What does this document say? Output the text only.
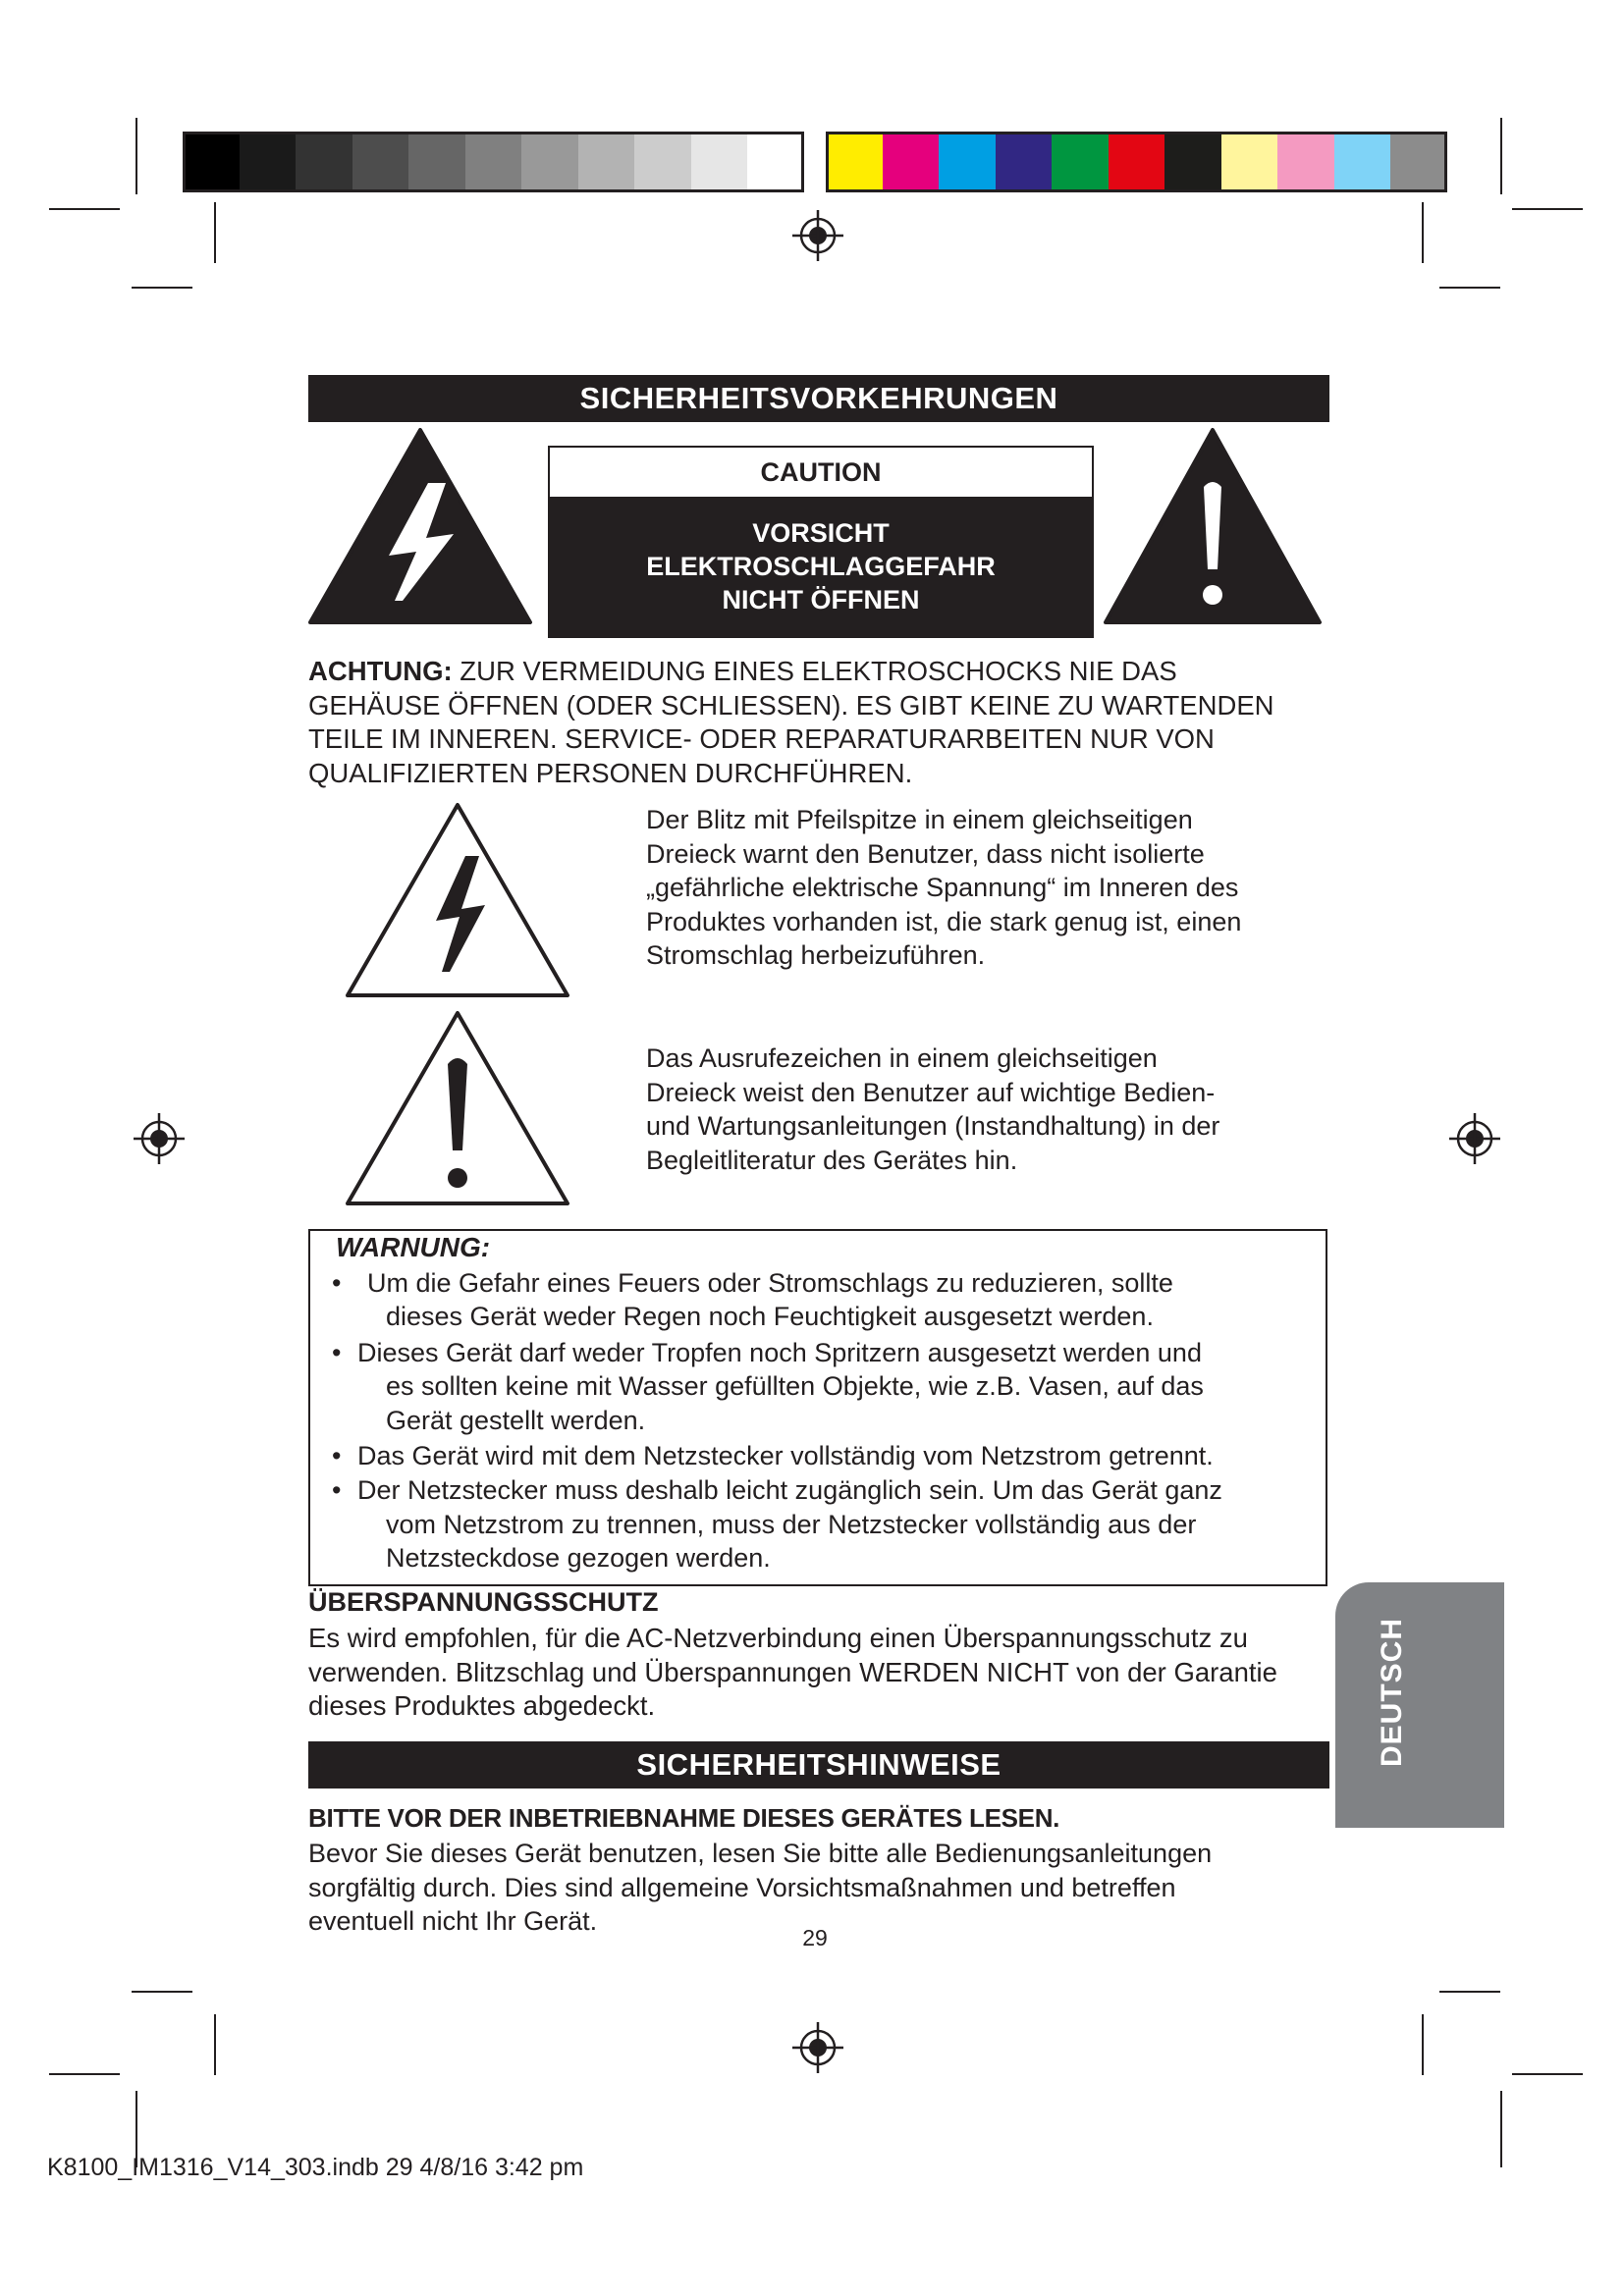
SICHERHEITSVORKEHRUNGEN
CAUTION
VORSICHT
ELEKTROSCHLAGGEFAHR
NICHT ÖFFNEN
ACHTUNG: ZUR VERMEIDUNG EINES ELEKTROSCHOCKS NIE DAS
GEHÄUSE ÖFFNEN (ODER SCHLIESSEN). ES GIBT KEINE ZU WARTENDEN
TEILE IM INNEREN. SERVICE- ODER REPARATURARBEITEN NUR VON
QUALIFIZIERTEN PERSONEN DURCHFÜHREN.
Der Blitz mit Pfeilspitze in einem gleichseitigen
Dreieck warnt den Benutzer, dass nicht isolierte
„gefährliche elektrische Spannung“ im Inneren des
Produktes vorhanden ist, die stark genug ist, einen
Stromschlag herbeizuführen.
Das Ausrufezeichen in einem gleichseitigen
Dreieck weist den Benutzer auf wichtige Bedien-
und Wartungsanleitungen (Instandhaltung) in der
Begleitliteratur des Gerätes hin.
WARNUNG:
• Um die Gefahr eines Feuers oder Stromschlags zu reduzieren, sollte
dieses Gerät weder Regen noch Feuchtigkeit ausgesetzt werden.
• Dieses Gerät darf weder Tropfen noch Spritzern ausgesetzt werden und
es sollten keine mit Wasser gefüllten Objekte, wie z.B. Vasen, auf das
Gerät gestellt werden.
• Das Gerät wird mit dem Netzstecker vollständig vom Netzstrom getrennt.
• Der Netzstecker muss deshalb leicht zugänglich sein. Um das Gerät ganz
vom Netzstrom zu trennen, muss der Netzstecker vollständig aus der
Netzsteckdose gezogen werden.
ÜBERSPANNUNGSSCHUTZ
Es wird empfohlen, für die AC-Netzverbindung einen Überspannungsschutz zu
verwenden. Blitzschlag und Überspannungen WERDEN NICHT von der Garantie
dieses Produktes abgedeckt.
SICHERHEITSHINWEISE
BITTE VOR DER INBETRIEBNAHME DIESES GERÄTES LESEN.
Bevor Sie dieses Gerät benutzen, lesen Sie bitte alle Bedienungsanleitungen
sorgfältig durch. Dies sind allgemeine Vorsichtsmaßnahmen und betreffen
eventuell nicht Ihr Gerät.
29
DEUTSCH
K8100_IM1316_V14_303.indb 29 4/8/16 3:42 pm
